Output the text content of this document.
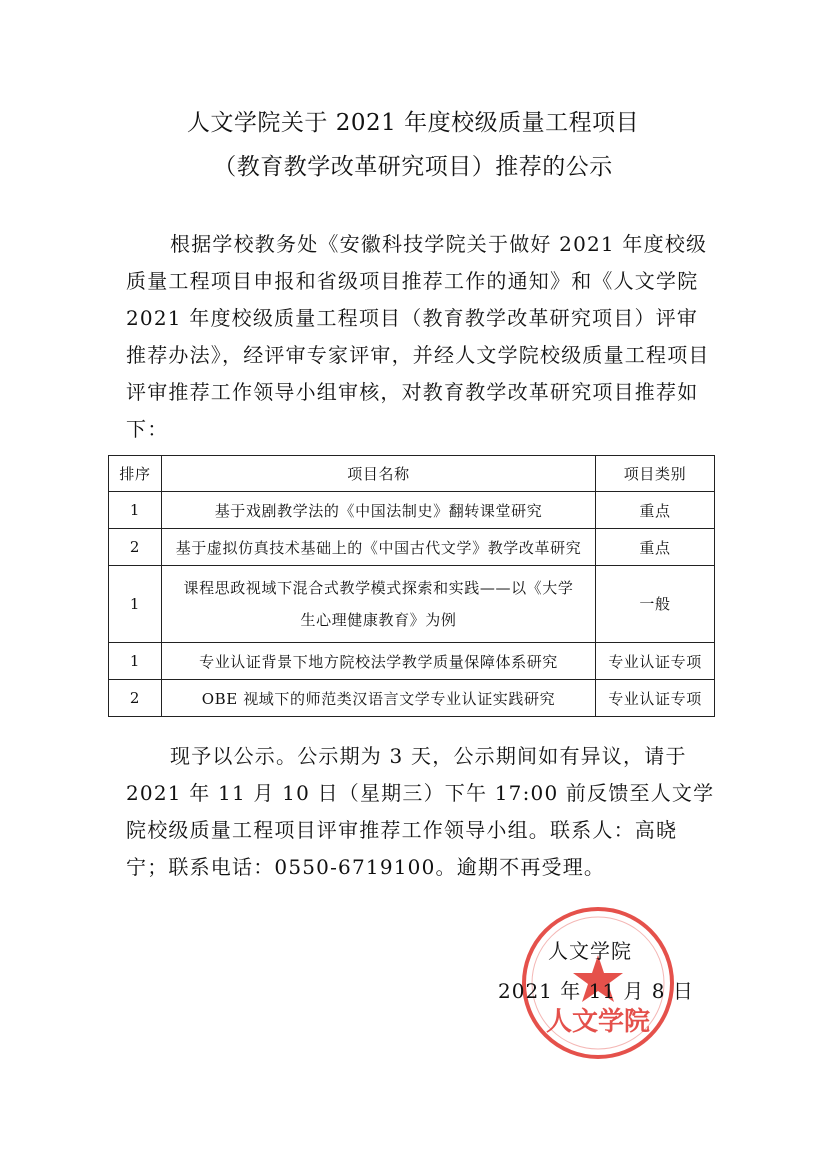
人文学院关于 2021 年度校级质量工程项目
（教育教学改革研究项目）推荐的公示
根据学校教务处《安徽科技学院关于做好 2021 年度校级质量工程项目申报和省级项目推荐工作的通知》和《人文学院 2021 年度校级质量工程项目（教育教学改革研究项目）评审推荐办法》，经评审专家评审，并经人文学院校级质量工程项目评审推荐工作领导小组审核，对教育教学改革研究项目推荐如下：
排序	项目名称	项目类别
1	基于戏剧教学法的《中国法制史》翻转课堂研究	重点
2	基于虚拟仿真技术基础上的《中国古代文学》教学改革研究	重点
1	课程思政视域下混合式教学模式探索和实践——以《大学生心理健康教育》为例	一般
1	专业认证背景下地方院校法学教学质量保障体系研究	专业认证专项
2	OBE 视域下的师范类汉语言文学专业认证实践研究	专业认证专项
现予以公示。公示期为 3 天，公示期间如有异议，请于 2021 年 11 月 10 日（星期三）下午 17:00 前反馈至人文学院校级质量工程项目评审推荐工作领导小组。联系人：高晓宁；联系电话：0550-6719100。逾期不再受理。
人文学院
人文学院
2021 年 11 月 8 日
